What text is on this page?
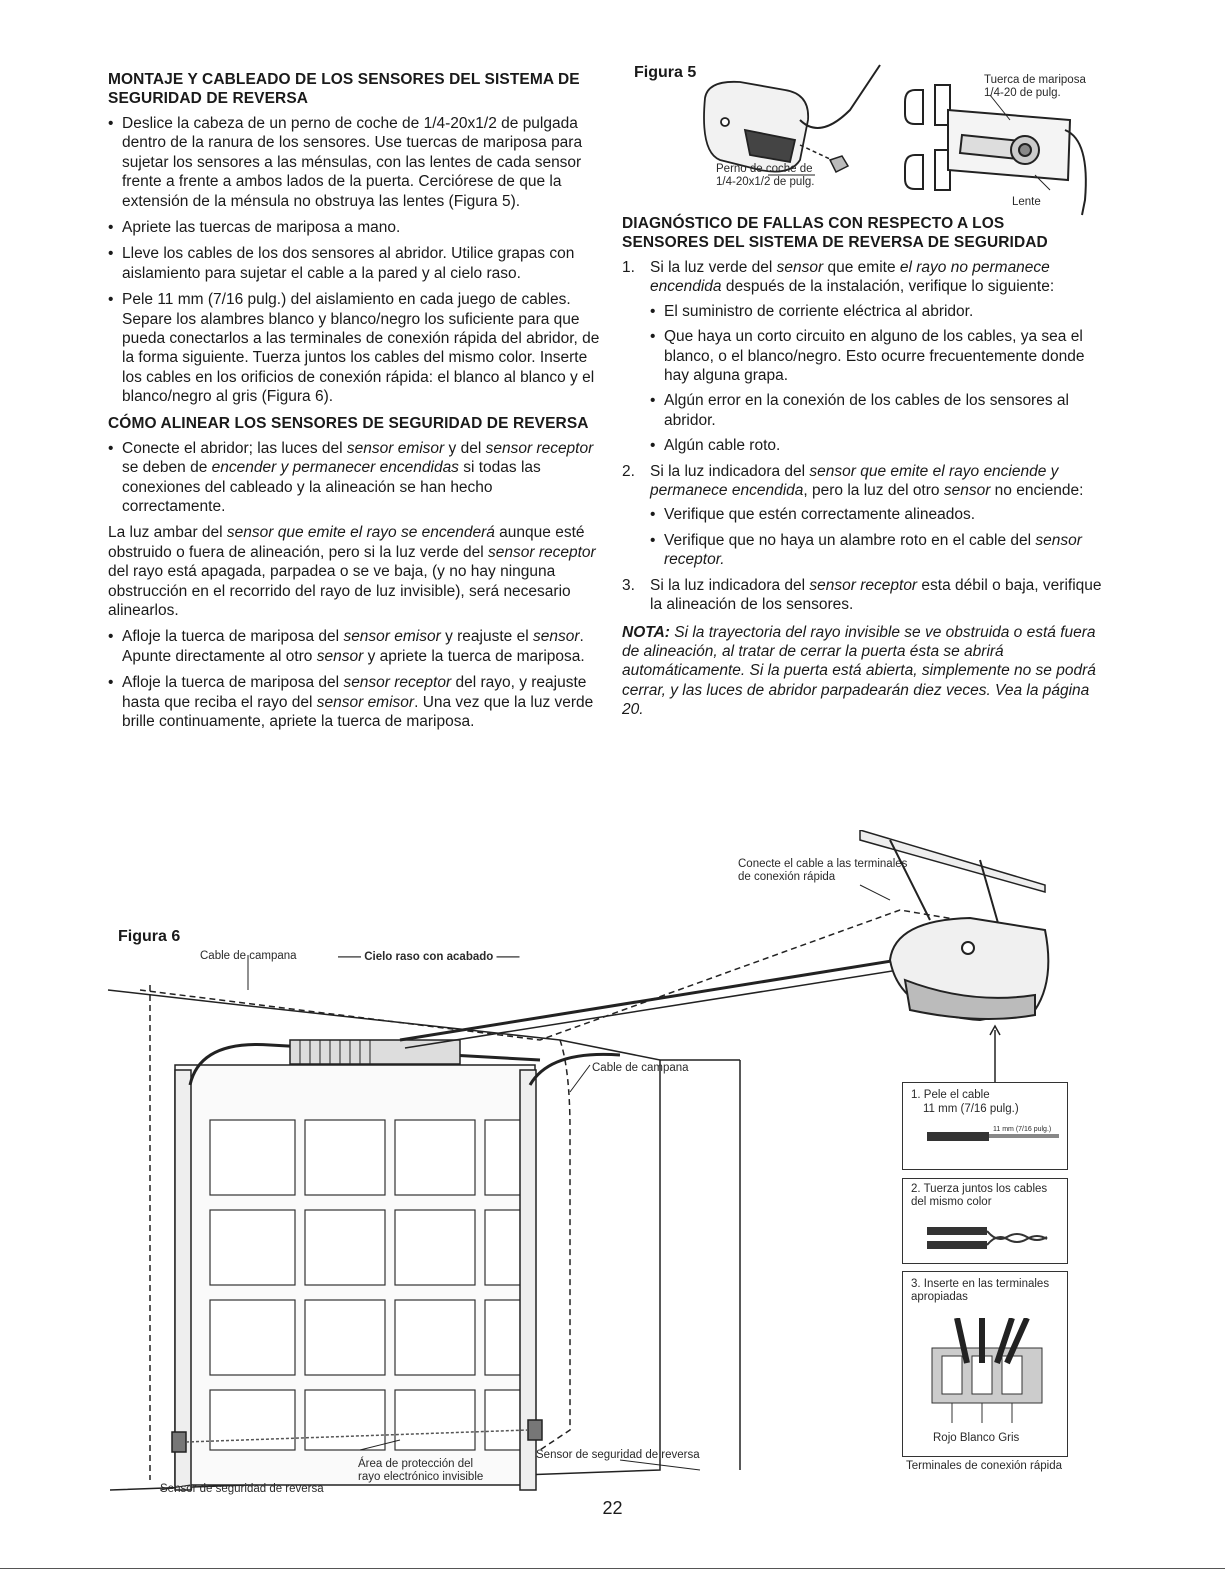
MONTAJE Y CABLEADO DE LOS SENSORES DEL SISTEMA DE SEGURIDAD DE REVERSA
• Deslice la cabeza de un perno de coche de 1/4-20x1/2 de pulgada dentro de la ranura de los sensores. Use tuercas de mariposa para sujetar los sensores a las ménsulas, con las lentes de cada sensor frente a frente a ambos lados de la puerta. Cerciórese de que la extensión de la ménsula no obstruya las lentes (Figura 5).
• Apriete las tuercas de mariposa a mano.
• Lleve los cables de los dos sensores al abridor. Utilice grapas con aislamiento para sujetar el cable a la pared y al cielo raso.
• Pele 11 mm (7/16 pulg.) del aislamiento en cada juego de cables. Separe los alambres blanco y blanco/negro los suficiente para que pueda conectarlos a las terminales de conexión rápida del abridor, de la forma siguiente. Tuerza juntos los cables del mismo color. Inserte los cables en los orificios de conexión rápida: el blanco al blanco y el blanco/negro al gris (Figura 6).
CÓMO ALINEAR LOS SENSORES DE SEGURIDAD DE REVERSA
• Conecte el abridor; las luces del sensor emisor y del sensor receptor se deben de encender y permanecer encendidas si todas las conexiones del cableado y la alineación se han hecho correctamente.

La luz ambar del sensor que emite el rayo se encenderá aunque esté obstruido o fuera de alineación, pero si la luz verde del sensor receptor del rayo está apagada, parpadea o se ve baja, (y no hay ninguna obstrucción en el recorrido del rayo de luz invisible), será necesario alinearlos.

• Afloje la tuerca de mariposa del sensor emisor y reajuste el sensor. Apunte directamente al otro sensor y apriete la tuerca de mariposa.
• Afloje la tuerca de mariposa del sensor receptor del rayo, y reajuste hasta que reciba el rayo del sensor emisor. Una vez que la luz verde brille continuamente, apriete la tuerca de mariposa.
Figura 5	Tuerca de mariposa 1/4-20 de pulg.
Perno de coche de 1/4-20x1/2 de pulg.
Lente
DIAGNÓSTICO DE FALLAS CON RESPECTO A LOS SENSORES DEL SISTEMA DE REVERSA DE SEGURIDAD
1. Si la luz verde del sensor que emite el rayo no permanece encendida después de la instalación, verifique lo siguiente:
• El suministro de corriente eléctrica al abridor.
• Que haya un corto circuito en alguno de los cables, ya sea el blanco, o el blanco/negro. Esto ocurre frecuentemente donde hay alguna grapa.
• Algún error en la conexión de los cables de los sensores al abridor.
• Algún cable roto.
2. Si la luz indicadora del sensor que emite el rayo enciende y permanece encendida, pero la luz del otro sensor no enciende:
• Verifique que estén correctamente alineados.
• Verifique que no haya un alambre roto en el cable del sensor receptor.
3. Si la luz indicadora del sensor receptor esta débil o baja, verifique la alineación de los sensores.

NOTA: Si la trayectoria del rayo invisible se ve obstruida o está fuera de alineación, al tratar de cerrar la puerta ésta se abrirá automáticamente. Si la puerta está abierta, simplemente no se podrá cerrar, y las luces de abridor parpadearán diez veces. Vea la página 20.

Figura 6
Cable de campana	—— Cielo raso con acabado ——
Conecte el cable a las terminales de conexión rápida
Cable de campana
Sensor de seguridad de reversa
Área de protección del rayo electrónico invisible
Sensor de seguridad de reversa
1. Pele el cable
11 mm (7/16 pulg.)
11 mm (7/16 pulg.)
2. Tuerza juntos los cables del mismo color
3. Inserte en las terminales apropiadas
Rojo Blanco Gris
Terminales de conexión rápida
22
